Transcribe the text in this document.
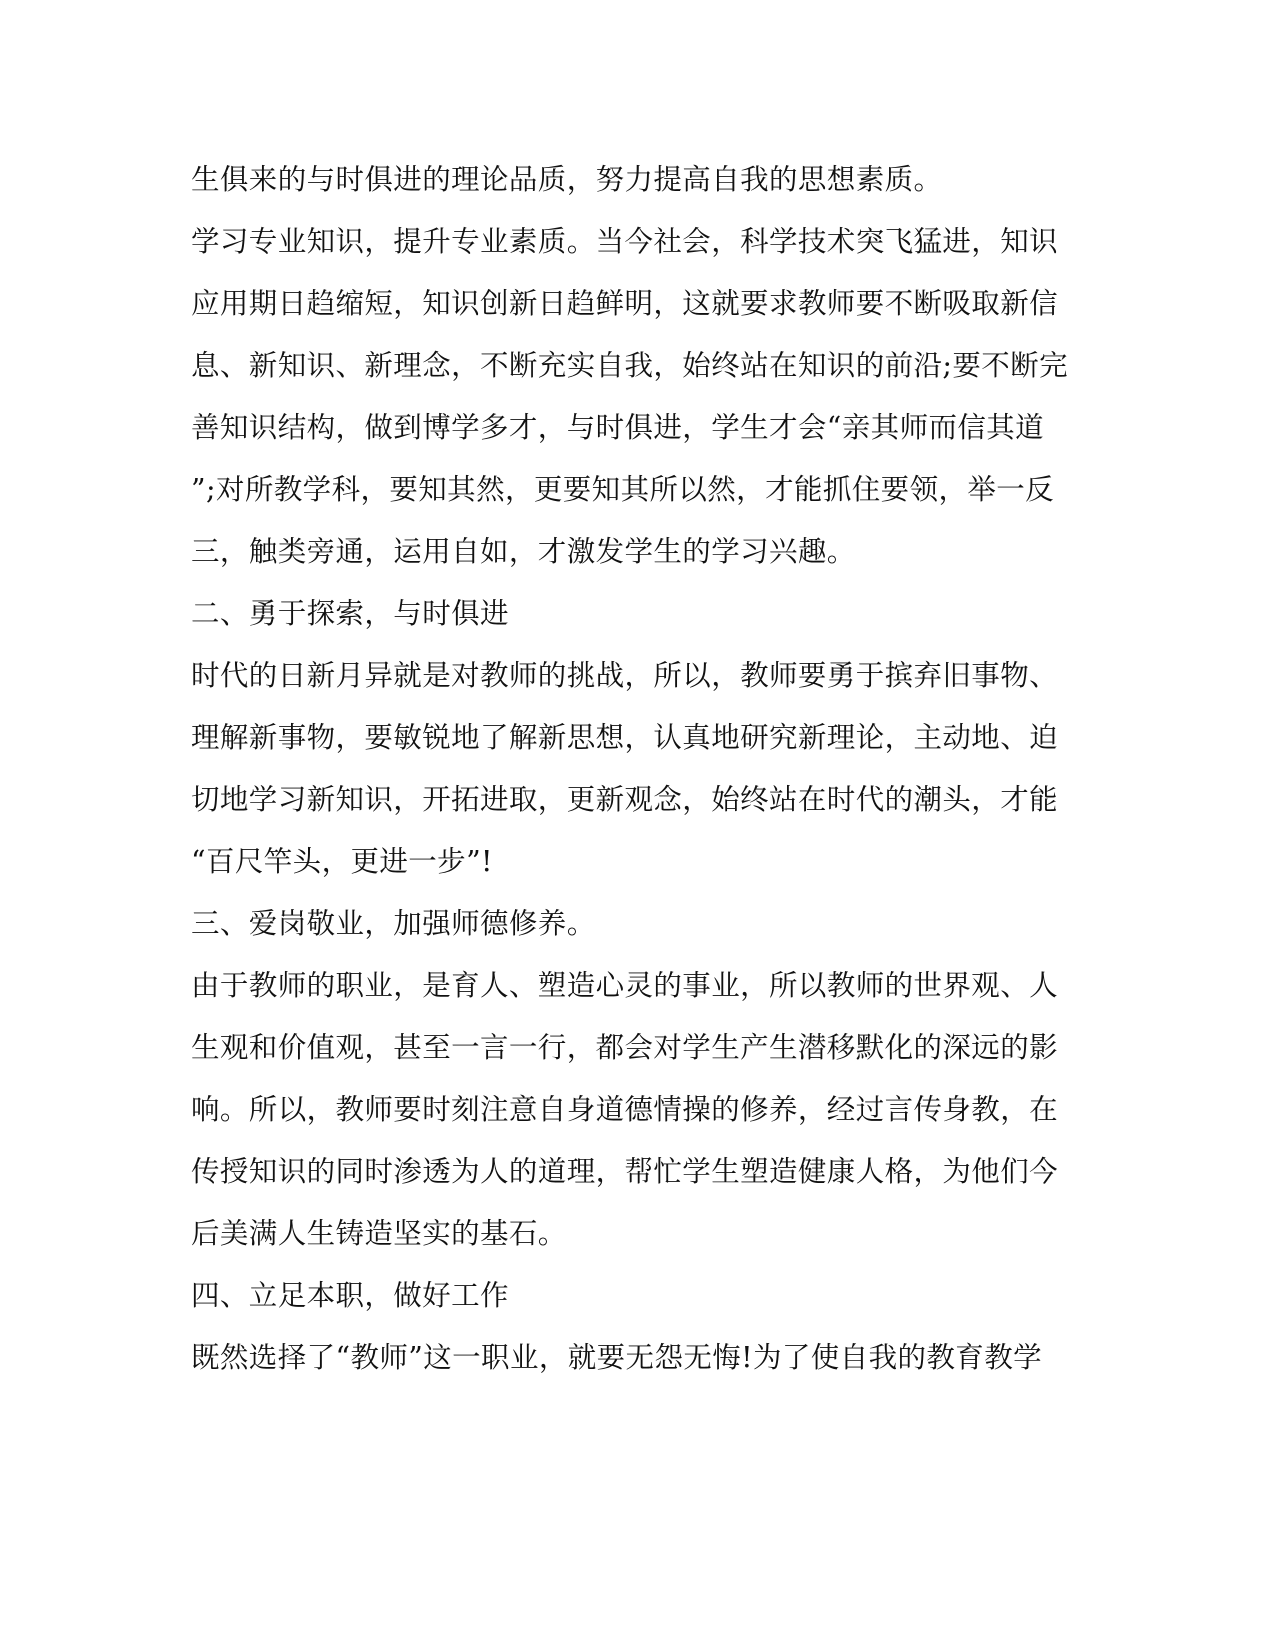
生俱来的与时俱进的理论品质，努力提高自我的思想素质。
学习专业知识，提升专业素质。当今社会，科学技术突飞猛进，知识
应用期日趋缩短，知识创新日趋鲜明，这就要求教师要不断吸取新信
息、新知识、新理念，不断充实自我，始终站在知识的前沿;要不断完
善知识结构，做到博学多才，与时俱进，学生才会“亲其师而信其道
”;对所教学科，要知其然，更要知其所以然，才能抓住要领，举一反
三，触类旁通，运用自如，才激发学生的学习兴趣。
二、勇于探索，与时俱进
时代的日新月异就是对教师的挑战，所以，教师要勇于摈弃旧事物、
理解新事物，要敏锐地了解新思想，认真地研究新理论，主动地、迫
切地学习新知识，开拓进取，更新观念，始终站在时代的潮头，才能
“百尺竿头，更进一步”!
三、爱岗敬业，加强师德修养。
由于教师的职业，是育人、塑造心灵的事业，所以教师的世界观、人
生观和价值观，甚至一言一行，都会对学生产生潜移默化的深远的影
响。所以，教师要时刻注意自身道德情操的修养，经过言传身教，在
传授知识的同时渗透为人的道理，帮忙学生塑造健康人格，为他们今
后美满人生铸造坚实的基石。
四、立足本职，做好工作
既然选择了“教师”这一职业，就要无怨无悔!为了使自我的教育教学
